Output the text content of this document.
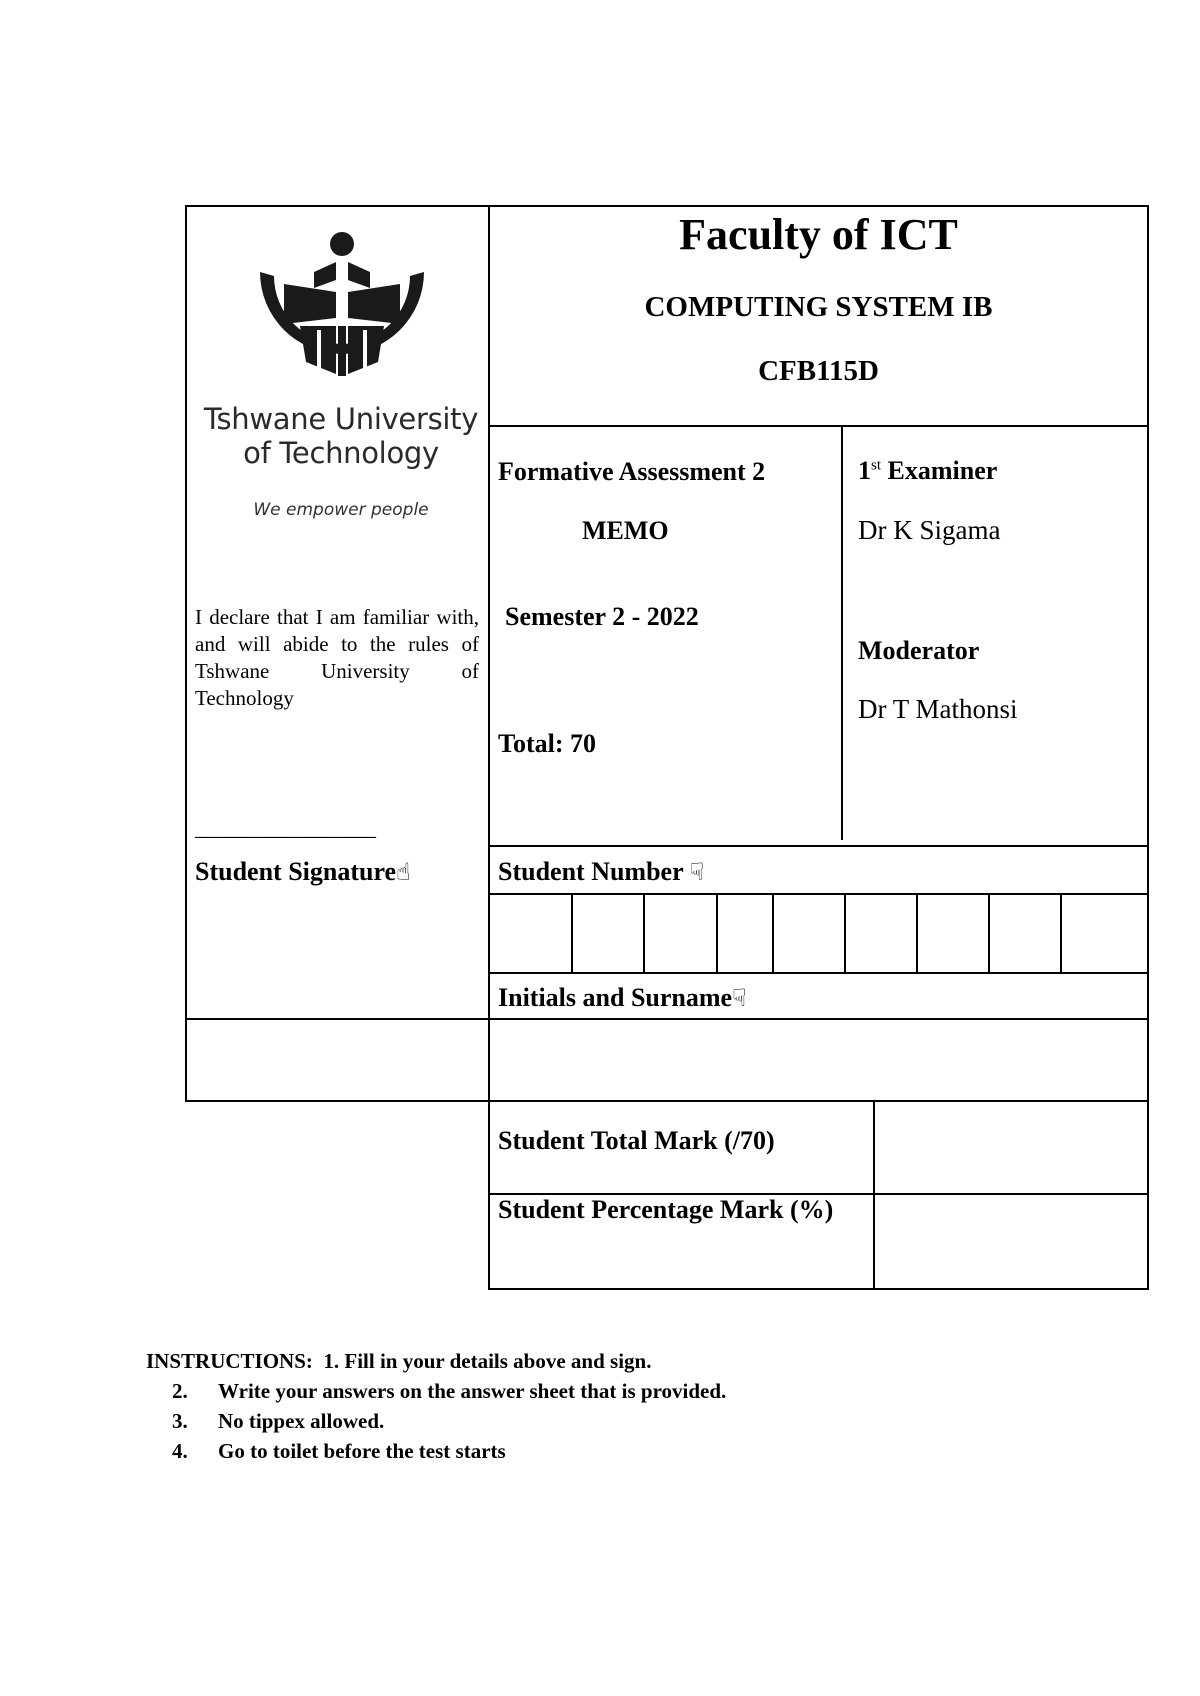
Tshwane University
of Technology
We empower people
I declare that I am familiar with, and will abide to the rules of Tshwane University of Technology
__________________
Student Signature☝
Faculty of ICT
COMPUTING SYSTEM IB
CFB115D
Formative Assessment 2
MEMO
Semester 2 - 2022
Total: 70
1st Examiner
Dr K Sigama
Moderator
Dr T Mathonsi
Student Number ☟
Initials and Surname☟
Student Total Mark (/70)
Student Percentage Mark (%)
INSTRUCTIONS: 1. Fill in your details above and sign.
2. Write your answers on the answer sheet that is provided.
3. No tippex allowed.
4. Go to toilet before the test starts
